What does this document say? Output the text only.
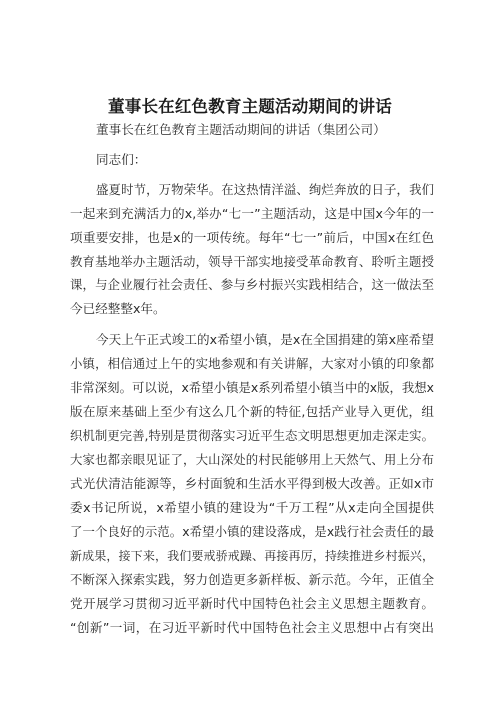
董事长在红色教育主题活动期间的讲话
董事长在红色教育主题活动期间的讲话（集团公司）
同志们：
盛夏时节，万物荣华。在这热情洋溢、绚烂奔放的日子，我们
一起来到充满活力的x,举办“七一”主题活动，这是中国x今年的一
项重要安排，也是x的一项传统。每年“七一”前后，中国x在红色
教育基地举办主题活动，领导干部实地接受革命教育、聆听主题授
课，与企业履行社会责任、参与乡村振兴实践相结合，这一做法至
今已经整整x年。
今天上午正式竣工的x希望小镇，是x在全国捐建的第x座希望
小镇，相信通过上午的实地参观和有关讲解，大家对小镇的印象都
非常深刻。可以说，x希望小镇是x系列希望小镇当中的x版，我想x
版在原来基础上至少有这么几个新的特征,包括产业导入更优，组
织机制更完善,特别是贯彻落实习近平生态文明思想更加走深走实。
大家也都亲眼见证了，大山深处的村民能够用上天然气、用上分布
式光伏清洁能源等，乡村面貌和生活水平得到极大改善。正如x市
委x书记所说，x希望小镇的建设为“千万工程”从x走向全国提供
了一个良好的示范。x希望小镇的建设落成，是x践行社会责任的最
新成果，接下来，我们要戒骄戒躁、再接再厉，持续推进乡村振兴，
不断深入探索实践，努力创造更多新样板、新示范。今年，正值全
党开展学习贯彻习近平新时代中国特色社会主义思想主题教育。
“创新”一词，在习近平新时代中国特色社会主义思想中占有突出
